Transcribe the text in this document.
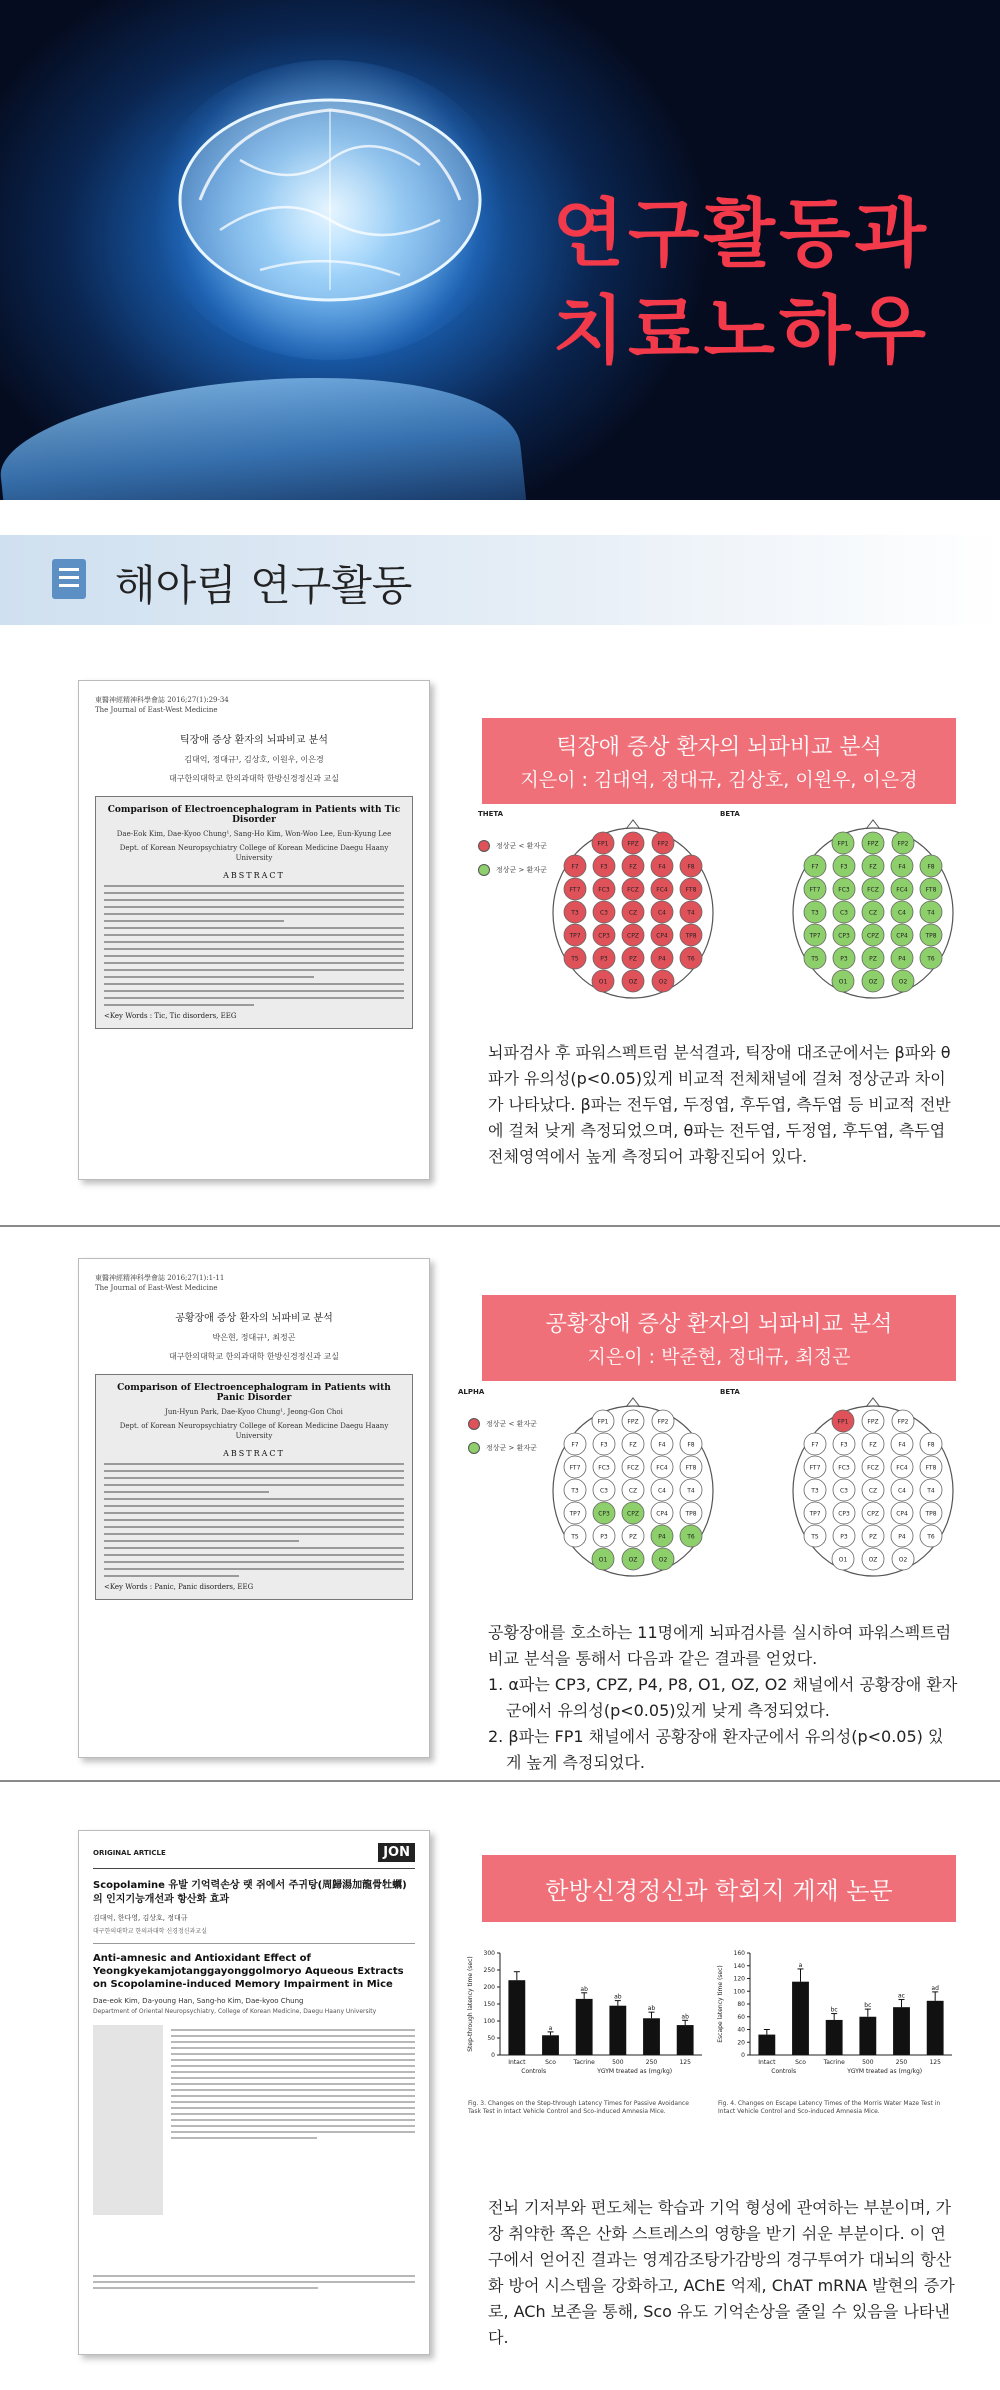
연구활동과
치료노하우
해아림 연구활동
東醫神經精神科學會誌 2016;27(1):29-34
The Journal of East-West Medicine
틱장애 증상 환자의 뇌파비교 분석
김대억, 정대규¹, 김상호, 이원우, 이은경
대구한의대학교 한의과대학 한방신경정신과 교실
Comparison of Electroencephalogram in Patients with Tic Disorder
Dae-Eok Kim, Dae-Kyoo Chung¹, Sang-Ho Kim, Won-Woo Lee, Eun-Kyung Lee
Dept. of Korean Neuropsychiatry College of Korean Medicine Daegu Haany University
ABSTRACT
<Key Words : Tic, Tic disorders, EEG
틱장애 증상 환자의 뇌파비교 분석
지은이 : 김대억, 정대규, 김상호, 이원우, 이은경
THETA	BETA
정상군 < 환자군
정상군 > 환자군
FP1	FPZ	FP2
F7	F3	FZ	F4	F8
FT7	FC3	FCZ	FC4	FT8
T3	C3	CZ	C4	T4
TP7	CP3	CPZ	CP4	TP8
T5	P3	PZ	P4	T6
O1	OZ	O2
FP1	FPZ	FP2
F7	F3	FZ	F4	F8
FT7	FC3	FCZ	FC4	FT8
T3	C3	CZ	C4	T4
TP7	CP3	CPZ	CP4	TP8
T5	P3	PZ	P4	T6
O1	OZ	O2
뇌파검사 후 파워스펙트럼 분석결과, 틱장애 대조군에서는 β파와 θ파가 유의성(p<0.05)있게 비교적 전체채널에 걸쳐 정상군과 차이가 나타났다. β파는 전두엽, 두정엽, 후두엽, 측두엽 등 비교적 전반에 걸쳐 낮게 측정되었으며, θ파는 전두엽, 두정엽, 후두엽, 측두엽 전체영역에서 높게 측정되어 과황진되어 있다.
東醫神經精神科學會誌 2016;27(1):1-11
The Journal of East-West Medicine
공황장애 증상 환자의 뇌파비교 분석
박은현, 정대규¹, 최정곤
대구한의대학교 한의과대학 한방신경정신과 교실
Comparison of Electroencephalogram in Patients with Panic Disorder
Jun-Hyun Park, Dae-Kyoo Chung¹, Jeong-Gon Choi
Dept. of Korean Neuropsychiatry College of Korean Medicine Daegu Haany University
ABSTRACT
<Key Words : Panic, Panic disorders, EEG
공황장애 증상 환자의 뇌파비교 분석
지은이 : 박준현, 정대규, 최정곤
ALPHA	BETA
정상군 < 환자군
정상군 > 환자군
FP1	FPZ	FP2
F7	F3	FZ	F4	F8
FT7	FC3	FCZ	FC4	FT8
T3	C3	CZ	C4	T4
TP7	CP3	CPZ	CP4	TP8
T5	P3	PZ	P4	T6
O1	OZ	O2
FP1	FPZ	FP2
F7	F3	FZ	F4	F8
FT7	FC3	FCZ	FC4	FT8
T3	C3	CZ	C4	T4
TP7	CP3	CPZ	CP4	TP8
T5	P3	PZ	P4	T6
O1	OZ	O2

공황장애를 호소하는 11명에게 뇌파검사를 실시하여 파워스펙트럼 비교 분석을 통해서 다음과 같은 결과를 얻었다.

1. α파는 CP3, CPZ, P4, P8, O1, OZ, O2 채널에서 공황장애 환자군에서 유의성(p<0.05)있게 낮게 측정되었다.

2. β파는 FP1 채널에서 공황장애 환자군에서 유의성(p<0.05) 있게 높게 측정되었다.

ORIGINAL ARTICLE	JON
Scopolamine 유발 기억력손상 랫 쥐에서 주귀탕(周歸湯加龍骨牡蠣)의 인지기능개선과 항산화 효과
김대억, 한다영, 김상호, 정대규
대구한의대학교 한의과대학 신경정신과교실
Anti-amnesic and Antioxidant Effect of Yeongkyekamjotanggayonggolmoryo Aqueous Extracts on Scopolamine-induced Memory Impairment in Mice
Dae-eok Kim, Da-young Han, Sang-ho Kim, Dae-kyoo Chung
Department of Oriental Neuropsychiatry, College of Korean Medicine, Daegu Haany University
한방신경정신과 학회지 게재 논문
0
50
100
150
200
250
300
Step-through latency time (sec)
Intact
a
Sco
ab
Tacrine
ab
500
ab
250
ab
125
Controls	YGYM treated as (mg/kg)
0
20
40
60
80
100
120
140
160
Escape latency time (sec)
Intact
a
Sco
bc
Tacrine
bc
500
ac
250
ad
125
Controls	YGYM treated as (mg/kg)
Fig. 3. Changes on the Step-through Latency Times for Passive Avoidance Task Test in Intact Vehicle Control and Sco-induced Amnesia Mice.
Fig. 4. Changes on Escape Latency Times of the Morris Water Maze Test in Intact Vehicle Control and Sco-induced Amnesia Mice.
전뇌 기저부와 편도체는 학습과 기억 형성에 관여하는 부분이며, 가장 취약한 쪽은 산화 스트레스의 영향을 받기 쉬운 부분이다. 이 연구에서 얻어진 결과는 영계감조탕가감방의 경구투여가 대뇌의 항산화 방어 시스템을 강화하고, AChE 억제, ChAT mRNA 발현의 증가로, ACh 보존을 통해, Sco 유도 기억손상을 줄일 수 있음을 나타낸다.
